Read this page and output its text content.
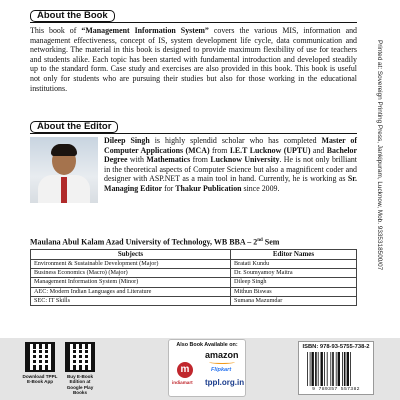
About the Book

This book of “Management Information System” covers the various MIS, information and management effectiveness, concept of IS, system development life cycle, data communication and networking. The material in this book is designed to provide maximum flexibility of use for teachers and students alike. Each topic has been started with fundamental introduction and developed steadily up to the standard form. Case study and exercises are also provided in this book. This book is useful not only for students who are pursuing their studies but also for those working in the educational institutions.

About the Editor

Dileep Singh is highly splendid scholar who has completed Master of Computer Applications (MCA) from I.E.T Lucknow (UPTU) and Bachelor Degree with Mathematics from Lucknow University. He is not only brilliant in the theoretical aspects of Computer Science but also a magnificent coder and designer with ASP.NET as a main tool in hand. Currently, he is working as Sr. Managing Editor for Thakur Publication since 2009.	Printed at: Sovereign Printing Press, Jankipuram, Lucknow, Mob. 9335318500/07
Maulana Abul Kalam Azad University of Technology, WB BBA – 2nd Sem
Subjects	Editor Names
Environment & Sustainable Development (Major)	Bratati Kundu
Business Economics (Macro) (Major)	Dr. Soumyamoy Maitra
Management Information System (Minor)	Dileep Singh
AEC: Modern Indian Languages and Literature	Mithun Biswas
SEC: IT Skills	Sumana Mazumdar
Download TPPL E-Book App
Buy E-Book Edition at Google Play Books
Also Book Available on:
m
indiamart
amazon
Flipkart
tppl.org.in
ISBN: 978-93-5755-738-2
9 789357 557382
